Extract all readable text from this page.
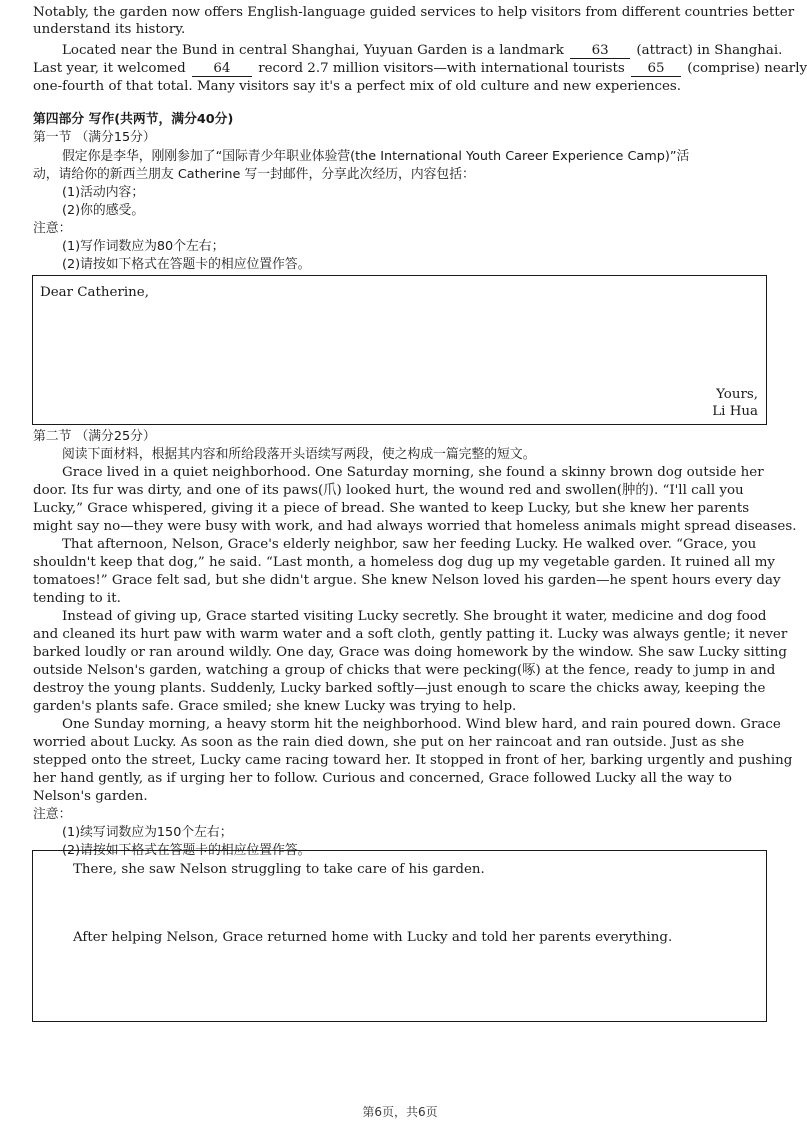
Notably, the garden now offers English-language guided services to help visitors from different countries better
understand its history.
Located near the Bund in central Shanghai, Yuyuan Garden is a landmark 63 (attract) in Shanghai.
Last year, it welcomed 64 record 2.7 million visitors—with international tourists 65 (comprise) nearly
one-fourth of that total. Many visitors say it's a perfect mix of old culture and new experiences.
第四部分 写作(共两节，满分40分)
第一节 （满分15分）
假定你是李华，刚刚参加了“国际青少年职业体验营(the International Youth Career Experience Camp)”活
动，请给你的新西兰朋友 Catherine 写一封邮件，分享此次经历，内容包括：
(1)活动内容；
(2)你的感受。
注意：
(1)写作词数应为80个左右；
(2)请按如下格式在答题卡的相应位置作答。
Dear Catherine,
Yours,
Li Hua
第二节 （满分25分）
阅读下面材料，根据其内容和所给段落开头语续写两段，使之构成一篇完整的短文。
Grace lived in a quiet neighborhood. One Saturday morning, she found a skinny brown dog outside her
door. Its fur was dirty, and one of its paws(爪) looked hurt, the wound red and swollen(肿的). “I'll call you
Lucky,” Grace whispered, giving it a piece of bread. She wanted to keep Lucky, but she knew her parents
might say no—they were busy with work, and had always worried that homeless animals might spread diseases.
That afternoon, Nelson, Grace's elderly neighbor, saw her feeding Lucky. He walked over. “Grace, you
shouldn't keep that dog,” he said. “Last month, a homeless dog dug up my vegetable garden. It ruined all my
tomatoes!” Grace felt sad, but she didn't argue. She knew Nelson loved his garden—he spent hours every day
tending to it.
Instead of giving up, Grace started visiting Lucky secretly. She brought it water, medicine and dog food
and cleaned its hurt paw with warm water and a soft cloth, gently patting it. Lucky was always gentle; it never
barked loudly or ran around wildly. One day, Grace was doing homework by the window. She saw Lucky sitting
outside Nelson's garden, watching a group of chicks that were pecking(啄) at the fence, ready to jump in and
destroy the young plants. Suddenly, Lucky barked softly—just enough to scare the chicks away, keeping the
garden's plants safe. Grace smiled; she knew Lucky was trying to help.
One Sunday morning, a heavy storm hit the neighborhood. Wind blew hard, and rain poured down. Grace
worried about Lucky. As soon as the rain died down, she put on her raincoat and ran outside. Just as she
stepped onto the street, Lucky came racing toward her. It stopped in front of her, barking urgently and pushing
her hand gently, as if urging her to follow. Curious and concerned, Grace followed Lucky all the way to
Nelson's garden.
注意：
(1)续写词数应为150个左右；
(2)请按如下格式在答题卡的相应位置作答。
There, she saw Nelson struggling to take care of his garden.
After helping Nelson, Grace returned home with Lucky and told her parents everything.
第6页，共6页
